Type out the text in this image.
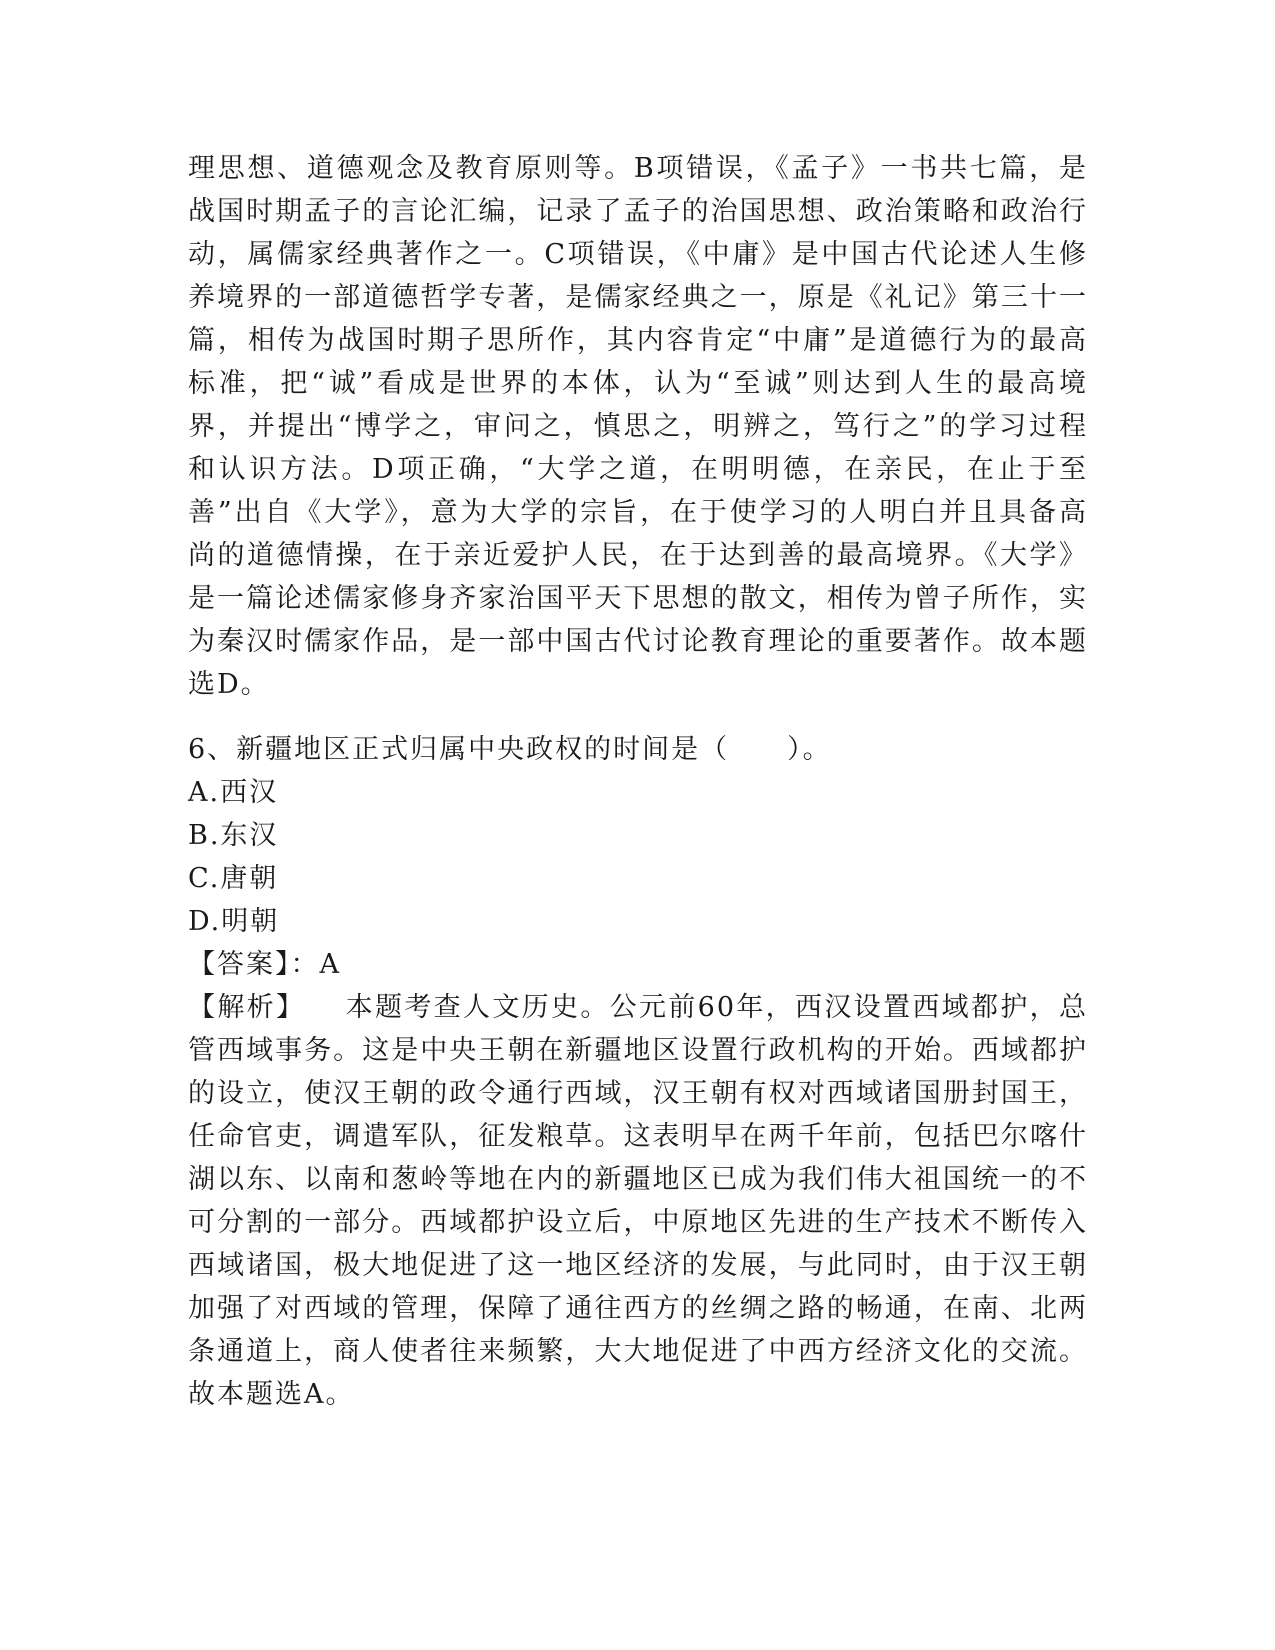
理思想、道德观念及教育原则等。B项错误，《孟子》一书共七篇，是战国时期孟子的言论汇编，记录了孟子的治国思想、政治策略和政治行动，属儒家经典著作之一。C项错误，《中庸》是中国古代论述人生修养境界的一部道德哲学专著，是儒家经典之一，原是《礼记》第三十一篇，相传为战国时期子思所作，其内容肯定“中庸”是道德行为的最高标准，把“诚”看成是世界的本体，认为“至诚”则达到人生的最高境界，并提出“博学之，审问之，慎思之，明辨之，笃行之”的学习过程和认识方法。D项正确，“大学之道，在明明德，在亲民，在止于至善”出自《大学》，意为大学的宗旨，在于使学习的人明白并且具备高尚的道德情操，在于亲近爱护人民，在于达到善的最高境界。《大学》是一篇论述儒家修身齐家治国平天下思想的散文，相传为曾子所作，实为秦汉时儒家作品，是一部中国古代讨论教育理论的重要著作。故本题选D。

6、新疆地区正式归属中央政权的时间是（　　）。

A.西汉

B.东汉

C.唐朝

D.明朝

【答案】：A

【解析】 本题考查人文历史。公元前60年，西汉设置西域都护，总管西域事务。这是中央王朝在新疆地区设置行政机构的开始。西域都护的设立，使汉王朝的政令通行西域，汉王朝有权对西域诸国册封国王，任命官吏，调遣军队，征发粮草。这表明早在两千年前，包括巴尔喀什湖以东、以南和葱岭等地在内的新疆地区已成为我们伟大祖国统一的不可分割的一部分。西域都护设立后，中原地区先进的生产技术不断传入西域诸国，极大地促进了这一地区经济的发展，与此同时，由于汉王朝加强了对西域的管理，保障了通往西方的丝绸之路的畅通，在南、北两条通道上，商人使者往来频繁，大大地促进了中西方经济文化的交流。故本题选A。
